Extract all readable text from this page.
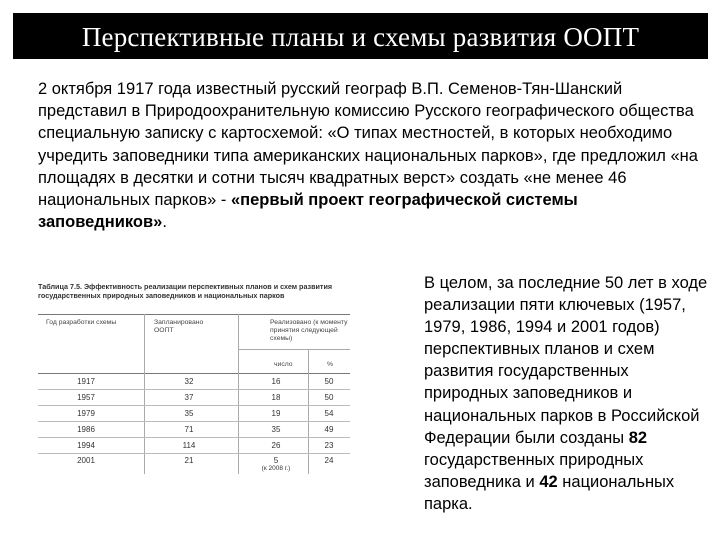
Перспективные планы и схемы развития ООПТ
2 октября 1917 года известный русский географ В.П. Семенов-Тян-Шанский представил в Природоохранительную комиссию Русского географического общества специальную записку с картосхемой: «О типах местностей, в которых необходимо учредить заповедники типа американских национальных парков», где предложил «на площадях в десятки и сотни тысяч квадратных верст» создать «не менее 46 национальных парков» - «первый проект географической системы заповедников».
Таблица 7.5. Эффективность реализации перспективных планов и схем развития государственных природных заповедников и национальных парков
Год разработки схемы	Запланировано ООПТ
Реализовано (к моменту принятия следующей схемы)
число	%
1917	32	16	50
1957	37	18	50
1979	35	19	54
1986	71	35	49
1994	114	26	23
2001	21	5	24
(к 2008 г.)
В целом, за последние 50 лет в ходе реализации пяти ключевых (1957, 1979, 1986, 1994 и 2001 годов) перспективных планов и схем развития государственных природных заповедников и национальных парков в Российской Федерации были созданы 82 государственных природных заповедника и 42 национальных парка.
